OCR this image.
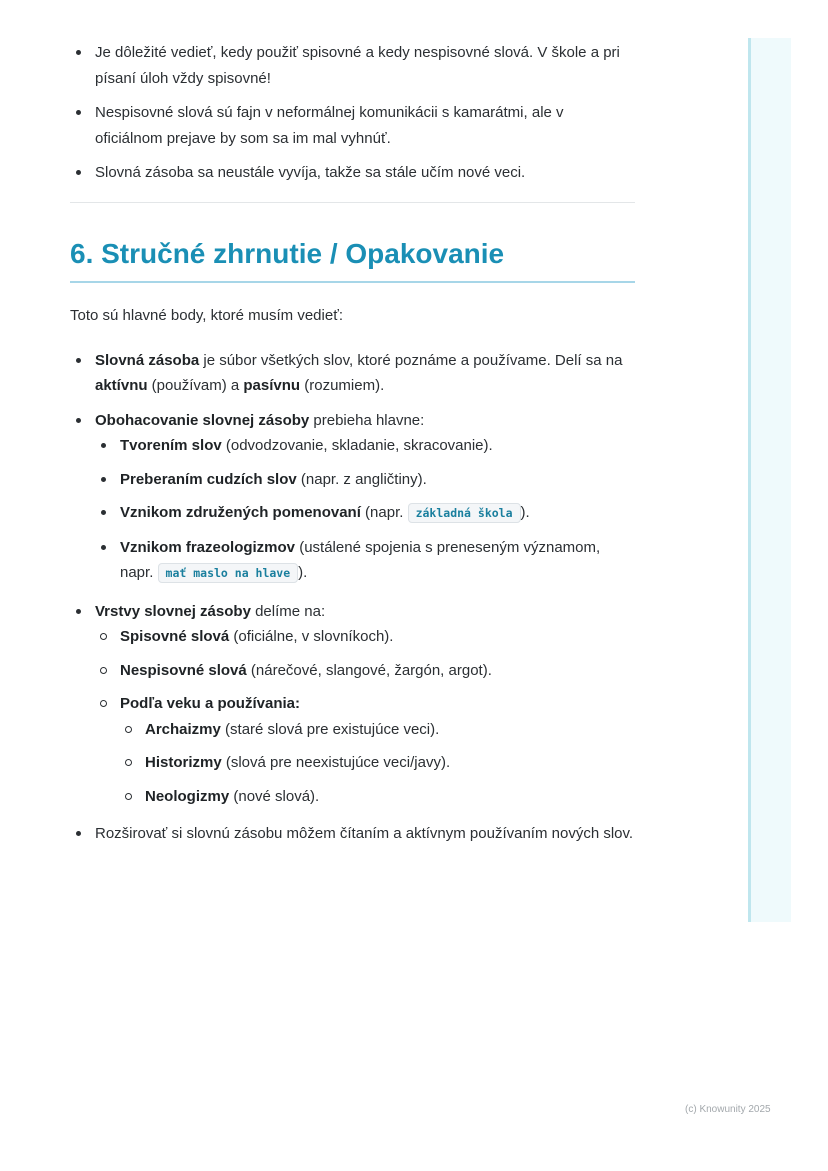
Je dôležité vedieť, kedy použiť spisovné a kedy nespisovné slová. V škole a pri písaní úloh vždy spisovné!
Nespisovné slová sú fajn v neformálnej komunikácii s kamarátmi, ale v oficiálnom prejave by som sa im mal vyhnúť.
Slovná zásoba sa neustále vyvíja, takže sa stále učím nové veci.
6. Stručné zhrnutie / Opakovanie

Toto sú hlavné body, ktoré musím vedieť:

Slovná zásoba je súbor všetkých slov, ktoré poznáme a používame. Delí sa na aktívnu (používam) a pasívnu (rozumiem).
Obohacovanie slovnej zásoby prebieha hlavne:
Tvorením slov (odvodzovanie, skladanie, skracovanie).
Preberaním cudzích slov (napr. z angličtiny).
Vznikom združených pomenovaní (napr. základná škola ).
Vznikom frazeologizmov (ustálené spojenia s preneseným významom, napr. mať maslo na hlave ).
Vrstvy slovnej zásoby delíme na:
Spisovné slová (oficiálne, v slovníkoch).
Nespisovné slová (nárečové, slangové, žargón, argot).
Podľa veku a používania:
Archaizmy (staré slová pre existujúce veci).
Historizmy (slová pre neexistujúce veci/javy).
Neologizmy (nové slová).
Rozširovať si slovnú zásobu môžem čítaním a aktívnym používaním nových slov.
(c) Knowunity 2025
